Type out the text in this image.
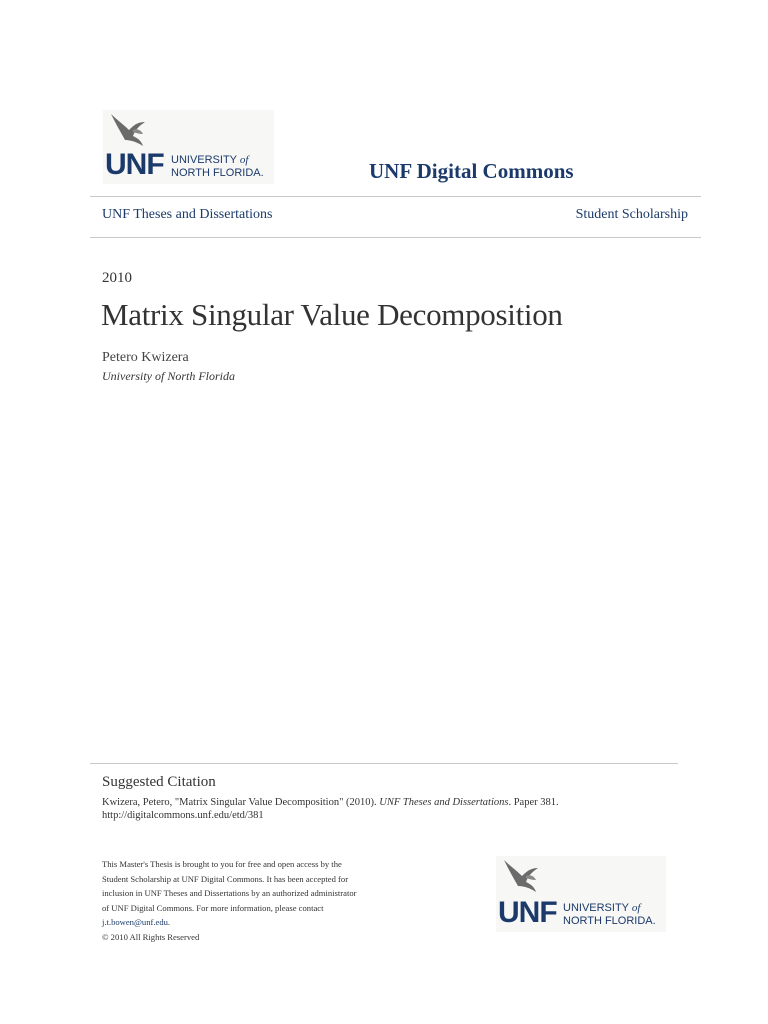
UNF UNIVERSITY of
NORTH FLORIDA.	UNF Digital Commons
UNF Theses and Dissertations	Student Scholarship
2010
Matrix Singular Value Decomposition
Petero Kwizera
University of North Florida
Suggested Citation
Kwizera, Petero, "Matrix Singular Value Decomposition" (2010). UNF Theses and Dissertations. Paper 381.
http://digitalcommons.unf.edu/etd/381
This Master's Thesis is brought to you for free and open access by the
Student Scholarship at UNF Digital Commons. It has been accepted for
inclusion in UNF Theses and Dissertations by an authorized administrator
of UNF Digital Commons. For more information, please contact
j.t.bowen@unf.edu.
© 2010 All Rights Reserved
UNF UNIVERSITY of
NORTH FLORIDA.
